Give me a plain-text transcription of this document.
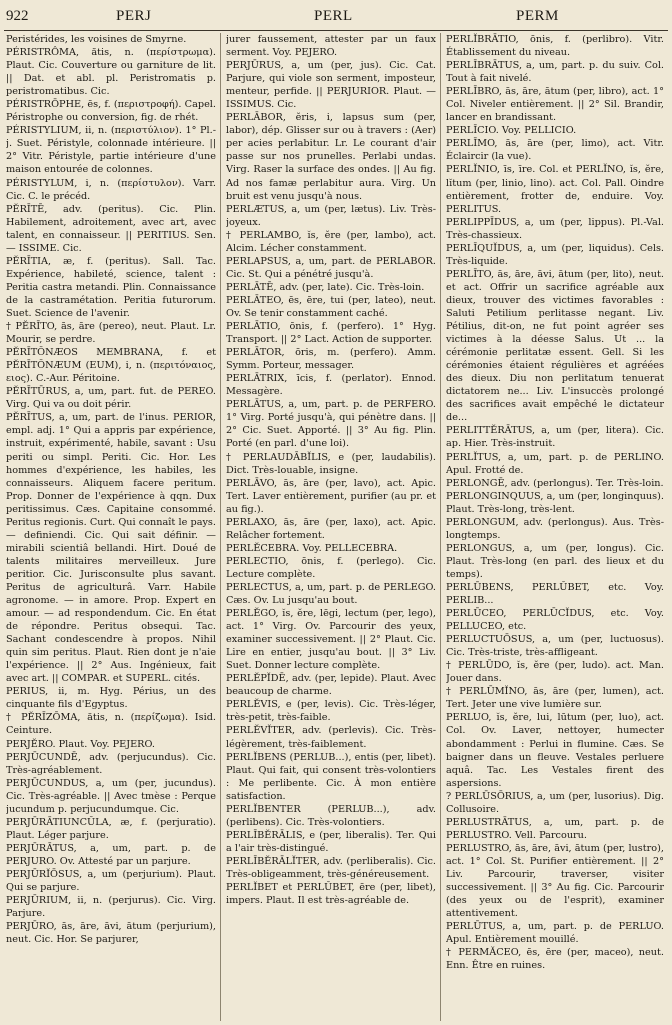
922	PERJ	PERL	PERM

Peristérides, les voisines de Smyrne.

PÉRISTRÔMA, ătis, n. (περίστρωμα). Plaut. Cic. Couverture ou garniture de lit. || Dat. et abl. pl. Peristromatis p. peristromatibus. Cic.

PÉRISTRŌPHE, ēs, f. (περιστροφή). Capel. Péristrophe ou conversion, fig. de rhét.

PÉRISTYLIUM, ii, n. (περιστύλιον). 1° Pl.-j. Suet. Péristyle, colonnade intérieure. || 2° Vitr. Péristyle, partie intérieure d'une maison entourée de colonnes.

PÉRISTYLUM, i, n. (περίστυλον). Varr. Cic. C. le précéd.

PĔRĪTĒ, adv. (peritus). Cic. Plin. Habilement, adroitement, avec art, avec talent, en connaisseur. || PERITIUS. Sen. — ISSIME. Cic.

PĔRĪTIA, æ, f. (peritus). Sall. Tac. Expérience, habileté, science, talent : Peritia castra metandi. Plin. Connaissance de la castramétation. Peritia futurorum. Suet. Science de l'avenir.

† PĔRĪTO, ās, āre (pereo), neut. Plaut. Lr. Mourir, se perdre.

PĔRĪTŎNÆOS MEMBRANA, f. et PĔRĪTŎNÆUM (EUM), i, n. (περιτόναιος, ειος). C.-Aur. Péritoine.

PĔRĪTŪRUS, a, um, part. fut. de PEREO. Virg. Qui va ou doit périr.

PĔRĪTUS, a, um, part. de l'inus. PERIOR, empl. adj. 1° Qui a appris par expérience, instruit, expérimenté, habile, savant : Usu periti ou simpl. Periti. Cic. Hor. Les hommes d'expérience, les habiles, les connaisseurs. Aliquem facere peritum. Prop. Donner de l'expérience à qqn. Dux peritissimus. Cæs. Capitaine consommé. Peritus regionis. Curt. Qui connaît le pays. — definiendi. Cic. Qui sait définir. — mirabili scientiâ bellandi. Hirt. Doué de talents militaires merveilleux. Jure peritior. Cic. Jurisconsulte plus savant. Peritus de agriculturâ. Varr. Habile agronome. — in amore. Prop. Expert en amour. — ad respondendum. Cic. En état de répondre. Peritus obsequi. Tac. Sachant condescendre à propos. Nihil quin sim peritus. Plaut. Rien dont je n'aie l'expérience. || 2° Aus. Ingénieux, fait avec art. || COMPAR. et SUPERL. cités.

PERIUS, ii, m. Hyg. Périus, un des cinquante fils d'Egyptus.

† PĔRĪZŌMA, ătis, n. (περίζωμα). Isid. Ceinture.

PERJĔRO. Plaut. Voy. PEJERO.

PERJŪCUNDĒ, adv. (perjucundus). Cic. Très-agréablement.

PERJŪCUNDUS, a, um (per, jucundus). Cic. Très-agréable. || Avec tmèse : Perque jucundum p. perjucundumque. Cic.

PERJŪRĀTIUNCŬLA, æ, f. (perjuratio). Plaut. Léger parjure.

PERJŪRĀTUS, a, um, part. p. de PERJURO. Ov. Attesté par un parjure.

PERJŪRĬŌSUS, a, um (perjurium). Plaut. Qui se parjure.

PERJŪRIUM, ii, n. (perjurus). Cic. Virg. Parjure.

PERJŪRO, ās, āre, āvi, ātum (perjurium), neut. Cic. Hor. Se parjurer,

jurer faussement, attester par un faux serment. Voy. PEJERO.

PERJŪRUS, a, um (per, jus). Cic. Cat. Parjure, qui viole son serment, imposteur, menteur, perfide. || PERJURIOR. Plaut. — ISSIMUS. Cic.

PERLĀBOR, ĕris, i, lapsus sum (per, labor), dép. Glisser sur ou à travers : (Aer) per acies perlabitur. Lr. Le courant d'air passe sur nos prunelles. Perlabi undas. Virg. Raser la surface des ondes. || Au fig. Ad nos famæ perlabitur aura. Virg. Un bruit est venu jusqu'à nous.

PERLÆTUS, a, um (per, lætus). Liv. Très-joyeux.

† PERLAMBO, ĭs, ĕre (per, lambo), act. Alcim. Lécher constamment.

PERLAPSUS, a, um, part. de PERLABOR. Cic. St. Qui a pénétré jusqu'à.

PERLĀTĒ, adv. (per, late). Cic. Très-loin.

PERLĀTEO, ēs, ēre, tui (per, lateo), neut. Ov. Se tenir constamment caché.

PERLĀTIO, ōnis, f. (perfero). 1° Hyg. Transport. || 2° Lact. Action de supporter.

PERLĀTOR, ōris, m. (perfero). Amm. Symm. Porteur, messager.

PERLĀTRIX, īcis, f. (perlator). Ennod. Messagère.

PERLĀTUS, a, um, part. p. de PERFERO. 1° Virg. Porté jusqu'à, qui pénètre dans. || 2° Cic. Suet. Apporté. || 3° Au fig. Plin. Porté (en parl. d'une loi).

† PERLAUDĀBĬLIS, e (per, laudabilis). Dict. Très-louable, insigne.

PERLĀVO, ās, āre (per, lavo), act. Apic. Tert. Laver entièrement, purifier (au pr. et au fig.).

PERLAXO, ās, āre (per, laxo), act. Apic. Relâcher fortement.

PERLĔCEBRA. Voy. PELLECEBRA.

PERLECTIO, ōnis, f. (perlego). Cic. Lecture complète.

PERLECTUS, a, um, part. p. de PERLEGO. Cæs. Ov. Lu jusqu'au bout.

PERLĔGO, ĭs, ĕre, lēgi, lectum (per, lego), act. 1° Virg. Ov. Parcourir des yeux, examiner successivement. || 2° Plaut. Cic. Lire en entier, jusqu'au bout. || 3° Liv. Suet. Donner lecture complète.

PERLĔPĬDĒ, adv. (per, lepide). Plaut. Avec beaucoup de charme.

PERLĔVIS, e (per, levis). Cic. Très-léger, très-petit, très-faible.

PERLĔVĬTER, adv. (perlevis). Cic. Très-légèrement, très-faiblement.

PERLĬBENS (PERLUB...), entis (per, libet). Plaut. Qui fait, qui consent très-volontiers : Me perlibente. Cic. À mon entière satisfaction.

PERLĬBENTER (PERLUB...), adv. (perlibens). Cic. Très-volontiers.

PERLĪBĔRĀLIS, e (per, liberalis). Ter. Qui a l'air très-distingué.

PERLĪBĔRĀLĬTER, adv. (perliberalis). Cic. Très-obligeamment, très-généreusement.

PERLĬBET et PERLŬBET, ēre (per, libet), impers. Plaut. Il est très-agréable de.

PERLĬBRĀTIO, ōnis, f. (perlibro). Vitr. Établissement du niveau.

PERLĪBRĀTUS, a, um, part. p. du suiv. Col. Tout à fait nivelé.

PERLĪBRO, ās, āre, ātum (per, libro), act. 1° Col. Niveler entièrement. || 2° Sil. Brandir, lancer en brandissant.

PERLĪCIO. Voy. PELLICIO.

PERLĪMO, ās, āre (per, limo), act. Vitr. Éclaircir (la vue).

PERLĬNIO, īs, īre. Col. et PERLĬNO, ĭs, ĕre, lĭtum (per, linio, lino). act. Col. Pall. Oindre entièrement, frotter de, enduire. Voy. PERLITUS.

PERLIPPĪDUS, a, um (per, lippus). Pl.-Val. Très-chassieux.

PERLĪQUĬDUS, a, um (per, liquidus). Cels. Très-liquide.

PERLĪTO, ās, āre, āvi, ātum (per, lito), neut. et act. Offrir un sacrifice agréable aux dieux, trouver des victimes favorables : Saluti Petilium perlitasse negant. Liv. Pétilius, dit-on, ne fut point agréer ses victimes à la déesse Salus. Ut ... la cérémonie perlitatæ essent. Gell. Si les cérémonies étaient régulières et agréées des dieux. Diu non perlitatum tenuerat dictatorem ne... Liv. L'insuccès prolongé des sacrifices avait empêché le dictateur de...

PERLITTĔRĀTUS, a, um (per, litera). Cic. ap. Hier. Très-instruit.

PERLĬTUS, a, um, part. p. de PERLINO. Apul. Frotté de.

PERLONGĒ, adv. (perlongus). Ter. Très-loin.

PERLONGINQUUS, a, um (per, longinquus). Plaut. Très-long, très-lent.

PERLONGUM, adv. (perlongus). Aus. Très-longtemps.

PERLONGUS, a, um (per, longus). Cic. Plaut. Très-long (en parl. des lieux et du temps).

PERLŪBENS, PERLŬBET, etc. Voy. PERLIB...

PERLŪCEO, PERLŪCĬDUS, etc. Voy. PELLUCEO, etc.

PERLUCTUŌSUS, a, um (per, luctuosus). Cic. Très-triste, très-affligeant.

† PERLŪDO, ĭs, ĕre (per, ludo). act. Man. Jouer dans.

† PERLŪMĬNO, ās, āre (per, lumen), act. Tert. Jeter une vive lumière sur.

PERLUO, ĭs, ĕre, lui, lūtum (per, luo), act. Col. Ov. Laver, nettoyer, humecter abondamment : Perlui in flumine. Cæs. Se baigner dans un fleuve. Vestales perluere aquâ. Tac. Les Vestales firent des aspersions.

? PERLŪSŌRIUS, a, um (per, lusorius). Dig. Collusoire.

PERLUSTRĀTUS, a, um, part. p. de PERLUSTRO. Vell. Parcouru.

PERLUSTRO, ās, āre, āvi, ātum (per, lustro), act. 1° Col. St. Purifier entièrement. || 2° Liv. Parcourir, traverser, visiter successivement. || 3° Au fig. Cic. Parcourir (des yeux ou de l'esprit), examiner attentivement.

PERLŪTUS, a, um, part. p. de PERLUO. Apul. Entièrement mouillé.

† PERMĂCEO, ēs, ēre (per, maceo), neut. Enn. Être en ruines.
